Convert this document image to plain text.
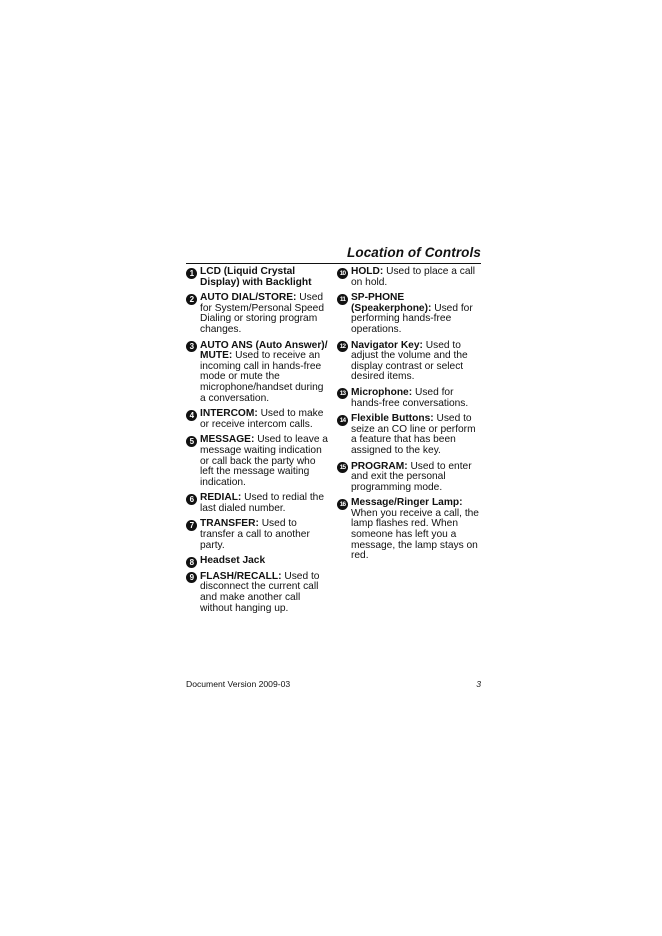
Location of Controls
1 LCD (Liquid Crystal Display) with Backlight
2 AUTO DIAL/STORE: Used for System/Personal Speed Dialing or storing program changes.
3 AUTO ANS (Auto Answer)/ MUTE: Used to receive an incoming call in hands-free mode or mute the microphone/handset during a conversation.
4 INTERCOM: Used to make or receive intercom calls.
5 MESSAGE: Used to leave a message waiting indication or call back the party who left the message waiting indication.
6 REDIAL: Used to redial the last dialed number.
7 TRANSFER: Used to transfer a call to another party.
8 Headset Jack
9 FLASH/RECALL: Used to disconnect the current call and make another call without hanging up.
10 HOLD: Used to place a call on hold.
11 SP-PHONE (Speakerphone): Used for performing hands-free operations.
12 Navigator Key: Used to adjust the volume and the display contrast or select desired items.
13 Microphone: Used for hands-free conversations.
14 Flexible Buttons: Used to seize an CO line or perform a feature that has been assigned to the key.
15 PROGRAM: Used to enter and exit the personal programming mode.
16 Message/Ringer Lamp: When you receive a call, the lamp flashes red. When someone has left you a message, the lamp stays on red.
Document Version 2009-03	3
